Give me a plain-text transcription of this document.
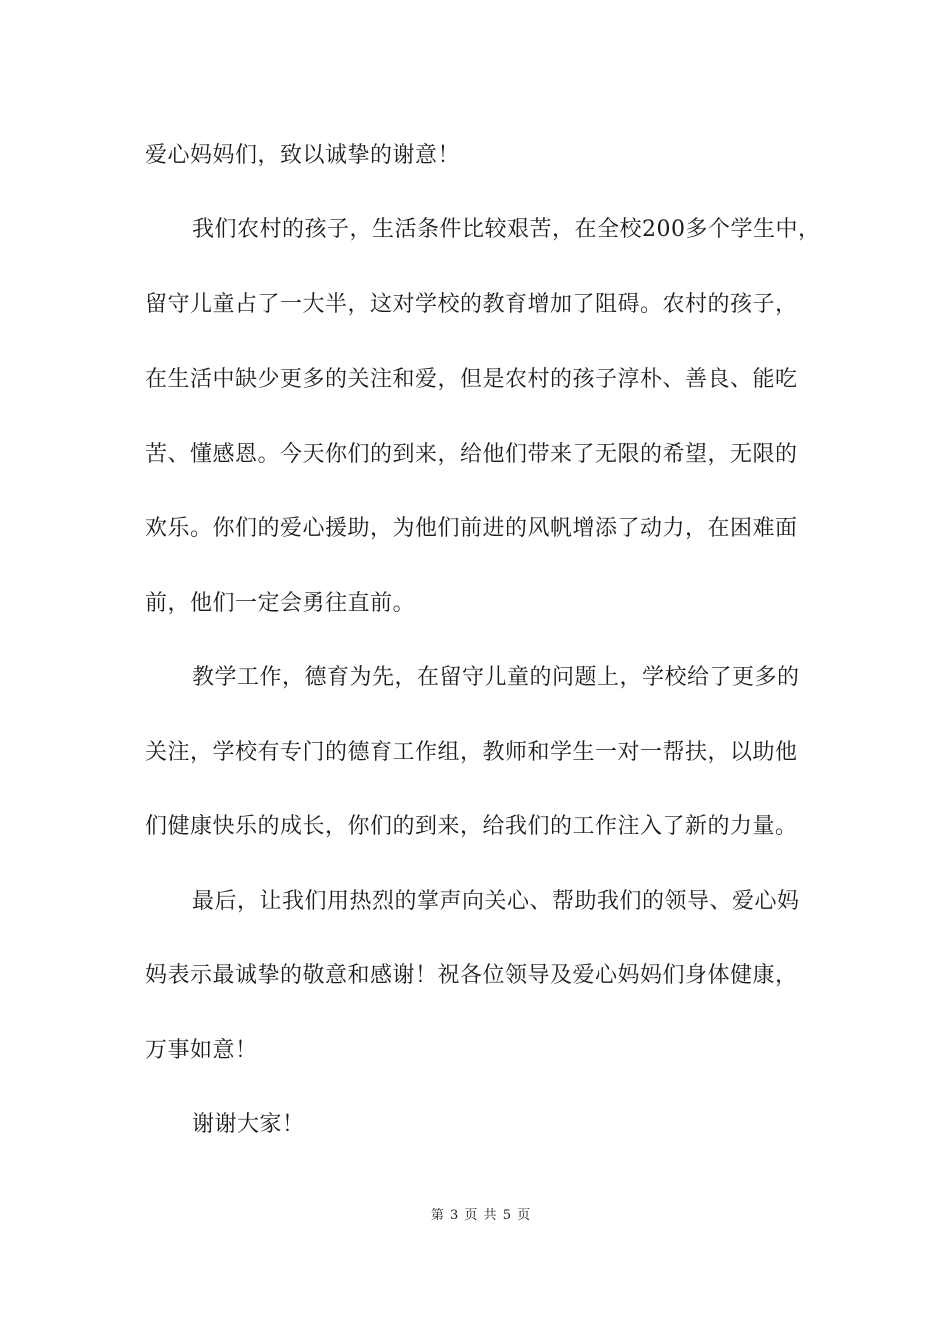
爱心妈妈们，致以诚挚的谢意！
我们农村的孩子，生活条件比较艰苦，在全校200多个学生中，
留守儿童占了一大半，这对学校的教育增加了阻碍。农村的孩子，
在生活中缺少更多的关注和爱，但是农村的孩子淳朴、善良、能吃
苦、懂感恩。今天你们的到来，给他们带来了无限的希望，无限的
欢乐。你们的爱心援助，为他们前进的风帆增添了动力，在困难面
前，他们一定会勇往直前。
教学工作，德育为先，在留守儿童的问题上，学校给了更多的
关注，学校有专门的德育工作组，教师和学生一对一帮扶，以助他
们健康快乐的成长，你们的到来，给我们的工作注入了新的力量。
最后，让我们用热烈的掌声向关心、帮助我们的领导、爱心妈
妈表示最诚挚的敬意和感谢！祝各位领导及爱心妈妈们身体健康，
万事如意！
谢谢大家！
第 3 页 共 5 页
